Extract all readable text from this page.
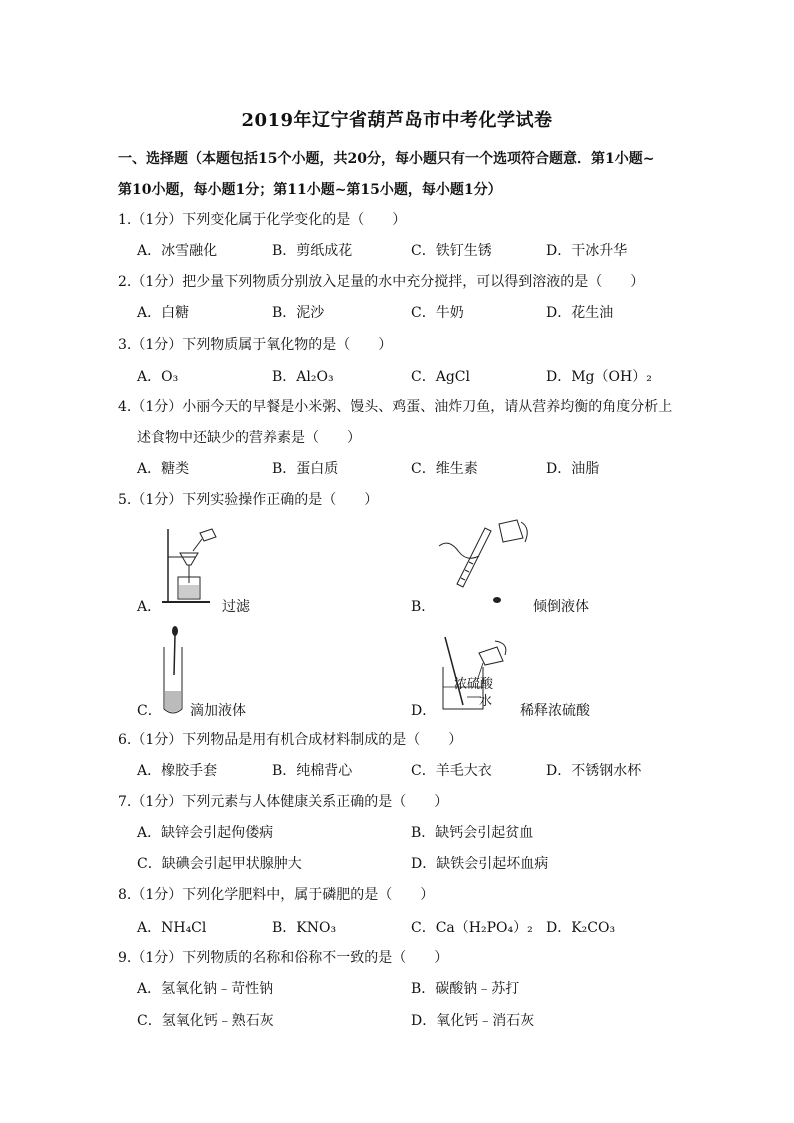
2019年辽宁省葫芦岛市中考化学试卷
一、选择题（本题包括15个小题，共20分，每小题只有一个选项符合题意．第1小题~
第10小题，每小题1分；第11小题~第15小题，每小题1分）
1.（1分）下列变化属于化学变化的是（　　）
A．冰雪融化	B．剪纸成花	C．铁钉生锈	D．干冰升华
2.（1分）把少量下列物质分别放入足量的水中充分搅拌，可以得到溶液的是（　　）
A．白糖	B．泥沙	C．牛奶	D．花生油
3.（1分）下列物质属于氧化物的是（　　）
A．O₃	B．Al₂O₃	C．AgCl	D．Mg（OH）₂
4.（1分）小丽今天的早餐是小米粥、馒头、鸡蛋、油炸刀鱼，请从营养均衡的角度分析上
述食物中还缺少的营养素是（　　）
A．糖类	B．蛋白质	C．维生素	D．油脂
5.（1分）下列实验操作正确的是（　　）
A．	过滤	B．	倾倒液体
C． 滴加液体
浓硫酸
水
D．	稀释浓硫酸
6.（1分）下列物品是用有机合成材料制成的是（　　）
A．橡胶手套	B．纯棉背心	C．羊毛大衣	D．不锈钢水杯
7.（1分）下列元素与人体健康关系正确的是（　　）
A．缺锌会引起佝偻病	B．缺钙会引起贫血
C．缺碘会引起甲状腺肿大	D．缺铁会引起坏血病
8.（1分）下列化学肥料中，属于磷肥的是（　　）
A．NH₄Cl	B．KNO₃	C．Ca（H₂PO₄）₂ D．K₂CO₃
9.（1分）下列物质的名称和俗称不一致的是（　　）
A．氢氧化钠﹣苛性钠	B．碳酸钠﹣苏打
C．氢氧化钙﹣熟石灰	D．氧化钙﹣消石灰
